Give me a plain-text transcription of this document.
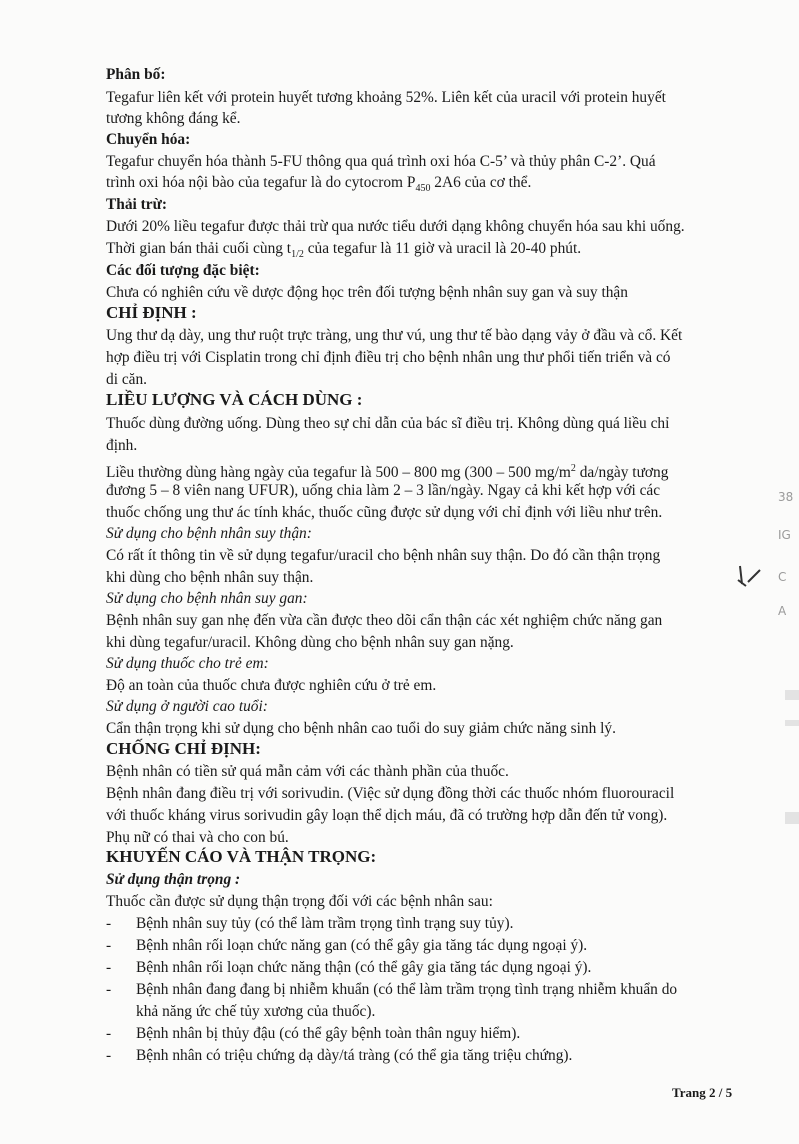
Phân bố:
Tegafur liên kết với protein huyết tương khoảng 52%. Liên kết của uracil với protein huyết
tương không đáng kể.
Chuyển hóa:
Tegafur chuyển hóa thành 5-FU thông qua quá trình oxi hóa C-5’ và thủy phân C-2’. Quá
trình oxi hóa nội bào của tegafur là do cytocrom $P_{450}$ 2A6 của cơ thể.
Thải trừ:
Dưới 20% liều tegafur được thải trừ qua nước tiểu dưới dạng không chuyển hóa sau khi uống.
Thời gian bán thải cuối cùng $t_{1/2}$ của tegafur là 11 giờ và uracil là 20-40 phút.
Các đối tượng đặc biệt:
Chưa có nghiên cứu về dược động học trên đối tượng bệnh nhân suy gan và suy thận
CHỈ ĐỊNH :
Ung thư dạ dày, ung thư ruột trực tràng, ung thư vú, ung thư tế bào dạng vảy ở đầu và cổ. Kết
hợp điều trị với Cisplatin trong chỉ định điều trị cho bệnh nhân ung thư phổi tiến triển và có
di căn.
LIỀU LƯỢNG VÀ CÁCH DÙNG :
Thuốc dùng đường uống. Dùng theo sự chỉ dẫn của bác sĩ điều trị. Không dùng quá liều chỉ
định.
Liều thường dùng hàng ngày của tegafur là 500 – 800 mg (300 – 500 $mg/m^2$ da/ngày tương
đương 5 – 8 viên nang UFUR), uống chia làm 2 – 3 lần/ngày. Ngay cả khi kết hợp với các
thuốc chống ung thư ác tính khác, thuốc cũng được sử dụng với chỉ định với liều như trên.
Sử dụng cho bệnh nhân suy thận:
Có rất ít thông tin về sử dụng tegafur/uracil cho bệnh nhân suy thận. Do đó cần thận trọng
khi dùng cho bệnh nhân suy thận.
Sử dụng cho bệnh nhân suy gan:
Bệnh nhân suy gan nhẹ đến vừa cần được theo dõi cẩn thận các xét nghiệm chức năng gan
khi dùng tegafur/uracil. Không dùng cho bệnh nhân suy gan nặng.
Sử dụng thuốc cho trẻ em:
Độ an toàn của thuốc chưa được nghiên cứu ở trẻ em.
Sử dụng ở người cao tuổi:
Cẩn thận trọng khi sử dụng cho bệnh nhân cao tuổi do suy giảm chức năng sinh lý.
CHỐNG CHỈ ĐỊNH:
Bệnh nhân có tiền sử quá mẫn cảm với các thành phần của thuốc.
Bệnh nhân đang điều trị với sorivudin. (Việc sử dụng đồng thời các thuốc nhóm fluorouracil
với thuốc kháng virus sorivudin gây loạn thể dịch máu, đã có trường hợp dẫn đến tử vong).
Phụ nữ có thai và cho con bú.
KHUYẾN CÁO VÀ THẬN TRỌNG:
Sử dụng thận trọng :
Thuốc cần được sử dụng thận trọng đối với các bệnh nhân sau:
- Bệnh nhân suy tủy (có thể làm trầm trọng tình trạng suy tủy).
- Bệnh nhân rối loạn chức năng gan (có thể gây gia tăng tác dụng ngoại ý).
- Bệnh nhân rối loạn chức năng thận (có thể gây gia tăng tác dụng ngoại ý).
- Bệnh nhân đang đang bị nhiễm khuẩn (có thể làm trầm trọng tình trạng nhiễm khuẩn do
khả năng ức chế tủy xương của thuốc).
- Bệnh nhân bị thủy đậu (có thể gây bệnh toàn thân nguy hiểm).
- Bệnh nhân có triệu chứng dạ dày/tá tràng (có thể gia tăng triệu chứng).
Trang 2 / 5
38
IG
C
A
